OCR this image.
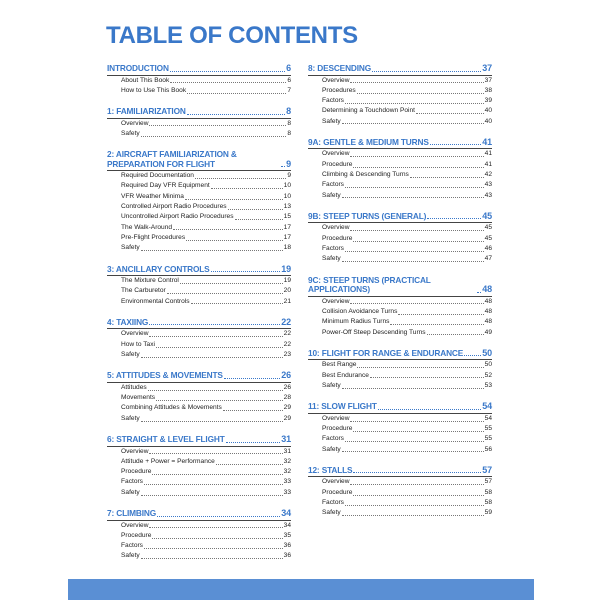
TABLE OF CONTENTS
INTRODUCTION	6
About This Book	6
How to Use This Book	7
1: FAMILIARIZATION	8
Overview	8
Safety	8
2: AIRCRAFT FAMILIARIZATION & PREPARATION FOR FLIGHT	9
Required Documentation	9
Required Day VFR Equipment	10
VFR Weather Minima	10
Controlled Airport Radio Procedures	13
Uncontrolled Airport Radio Procedures	15
The Walk-Around	17
Pre-Flight Procedures	17
Safety	18
3: ANCILLARY CONTROLS	19
The Mixture Control	19
The Carburetor	20
Environmental Controls	21
4: TAXIING	22
Overview	22
How to Taxi	22
Safety	23
5: ATTITUDES & MOVEMENTS	26
Attitudes	26
Movements	28
Combining Attitudes & Movements	29
Safety	29
6: STRAIGHT & LEVEL FLIGHT	31
Overview	31
Attitude + Power = Performance	32
Procedure	32
Factors	33
Safety	33
7: CLIMBING	34
Overview	34
Procedure	35
Factors	36
Safety	36
8: DESCENDING	37
Overview	37
Procedures	38
Factors	39
Determining a Touchdown Point	40
Safety	40
9A: GENTLE & MEDIUM TURNS	41
Overview	41
Procedure	41
Climbing & Descending Turns	42
Factors	43
Safety	43
9B: STEEP TURNS (GENERAL)	45
Overview	45
Procedure	45
Factors	46
Safety	47
9C: STEEP TURNS (PRACTICAL APPLICATIONS)	48
Overview	48
Collision Avoidance Turns	48
Minimum Radius Turns	48
Power-Off Steep Descending Turns	49
10: FLIGHT FOR RANGE & ENDURANCE 50
Best Range	50
Best Endurance	52
Safety	53
11: SLOW FLIGHT	54
Overview	54
Procedure	55
Factors	55
Safety	56
12: STALLS	57
Overview	57
Procedure	58
Factors	58
Safety	59
